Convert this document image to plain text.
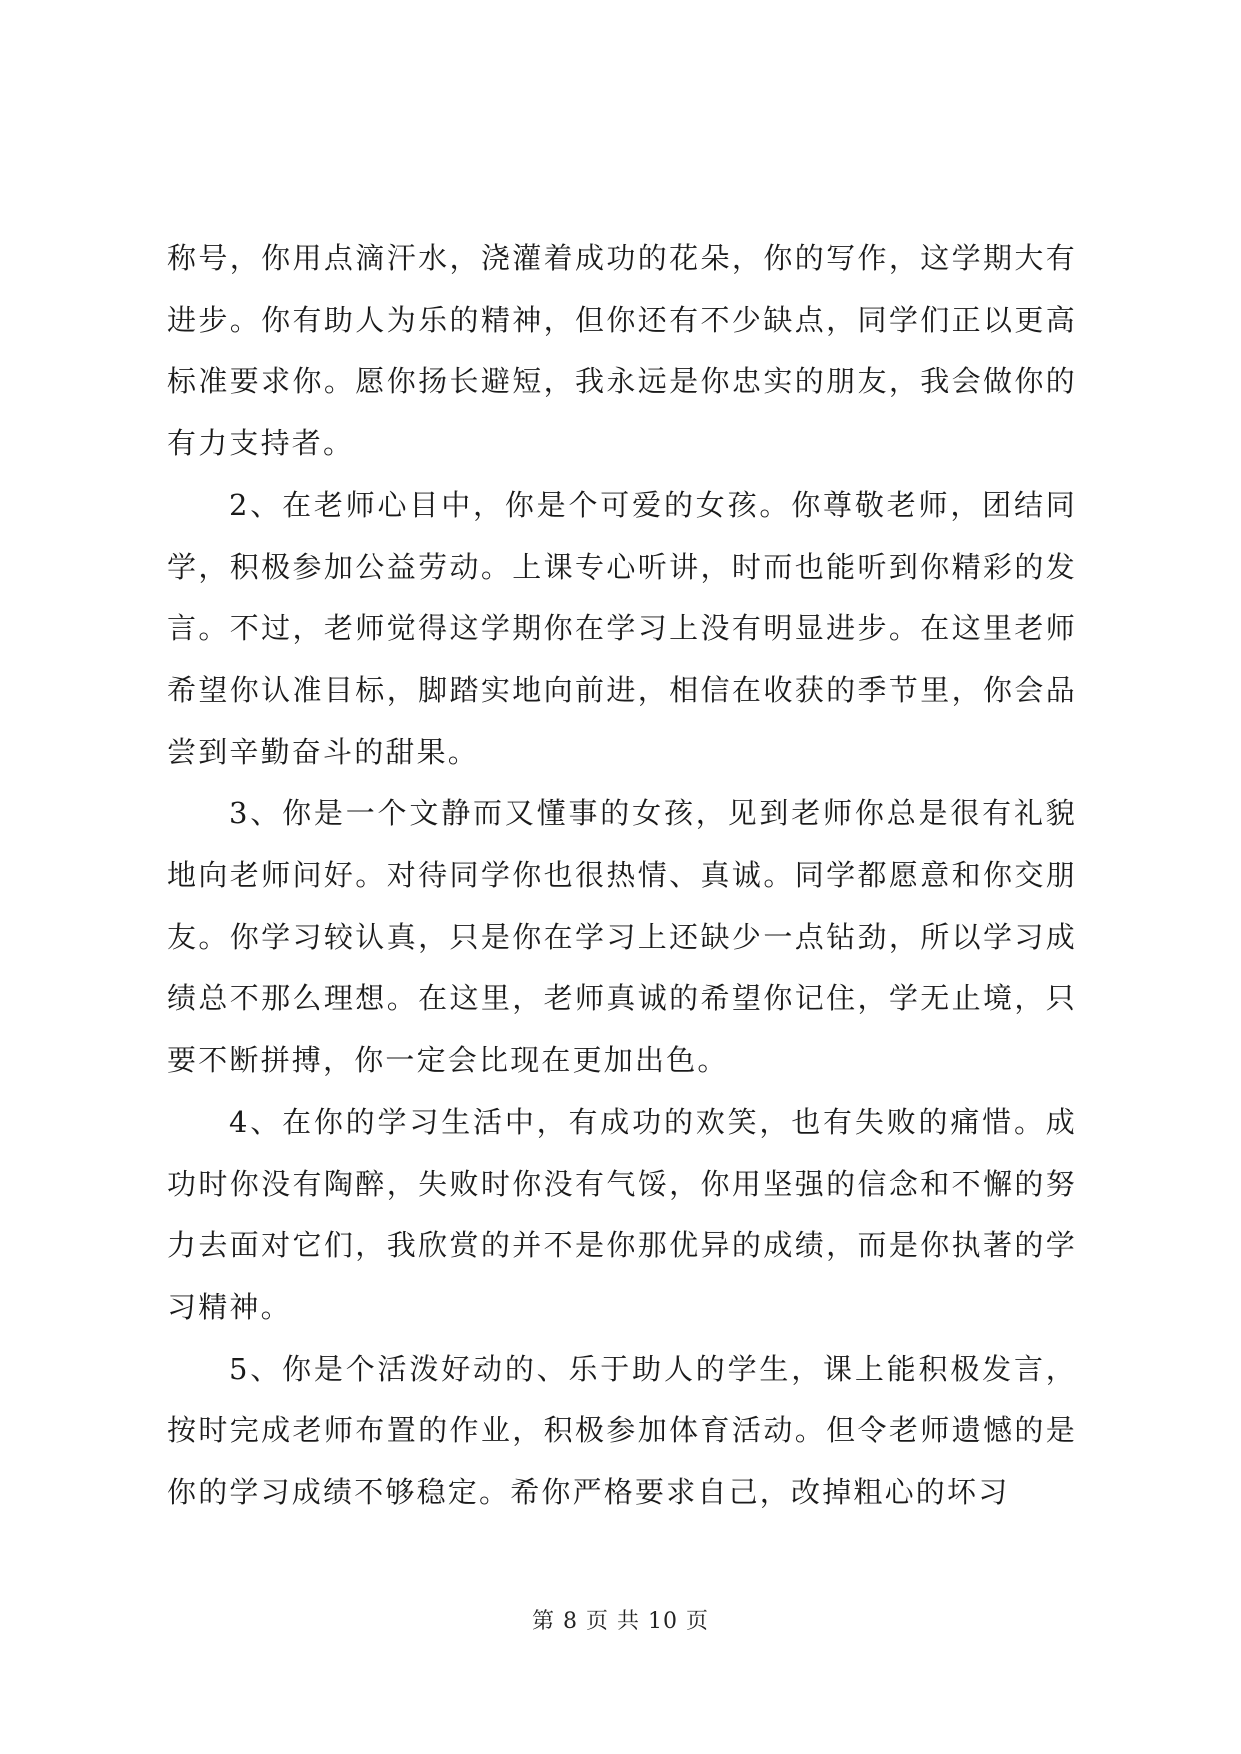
称号，你用点滴汗水，浇灌着成功的花朵，你的写作，这学期大有进步。你有助人为乐的精神，但你还有不少缺点，同学们正以更高标准要求你。愿你扬长避短，我永远是你忠实的朋友，我会做你的有力支持者。

2、在老师心目中，你是个可爱的女孩。你尊敬老师，团结同学，积极参加公益劳动。上课专心听讲，时而也能听到你精彩的发言。不过，老师觉得这学期你在学习上没有明显进步。在这里老师希望你认准目标，脚踏实地向前进，相信在收获的季节里，你会品尝到辛勤奋斗的甜果。

3、你是一个文静而又懂事的女孩，见到老师你总是很有礼貌地向老师问好。对待同学你也很热情、真诚。同学都愿意和你交朋友。你学习较认真，只是你在学习上还缺少一点钻劲，所以学习成绩总不那么理想。在这里，老师真诚的希望你记住，学无止境，只要不断拼搏，你一定会比现在更加出色。

4、在你的学习生活中，有成功的欢笑，也有失败的痛惜。成功时你没有陶醉，失败时你没有气馁，你用坚强的信念和不懈的努力去面对它们，我欣赏的并不是你那优异的成绩，而是你执著的学习精神。

5、你是个活泼好动的、乐于助人的学生，课上能积极发言，按时完成老师布置的作业，积极参加体育活动。但令老师遗憾的是你的学习成绩不够稳定。希你严格要求自己，改掉粗心的坏习

第 8 页 共 10 页
